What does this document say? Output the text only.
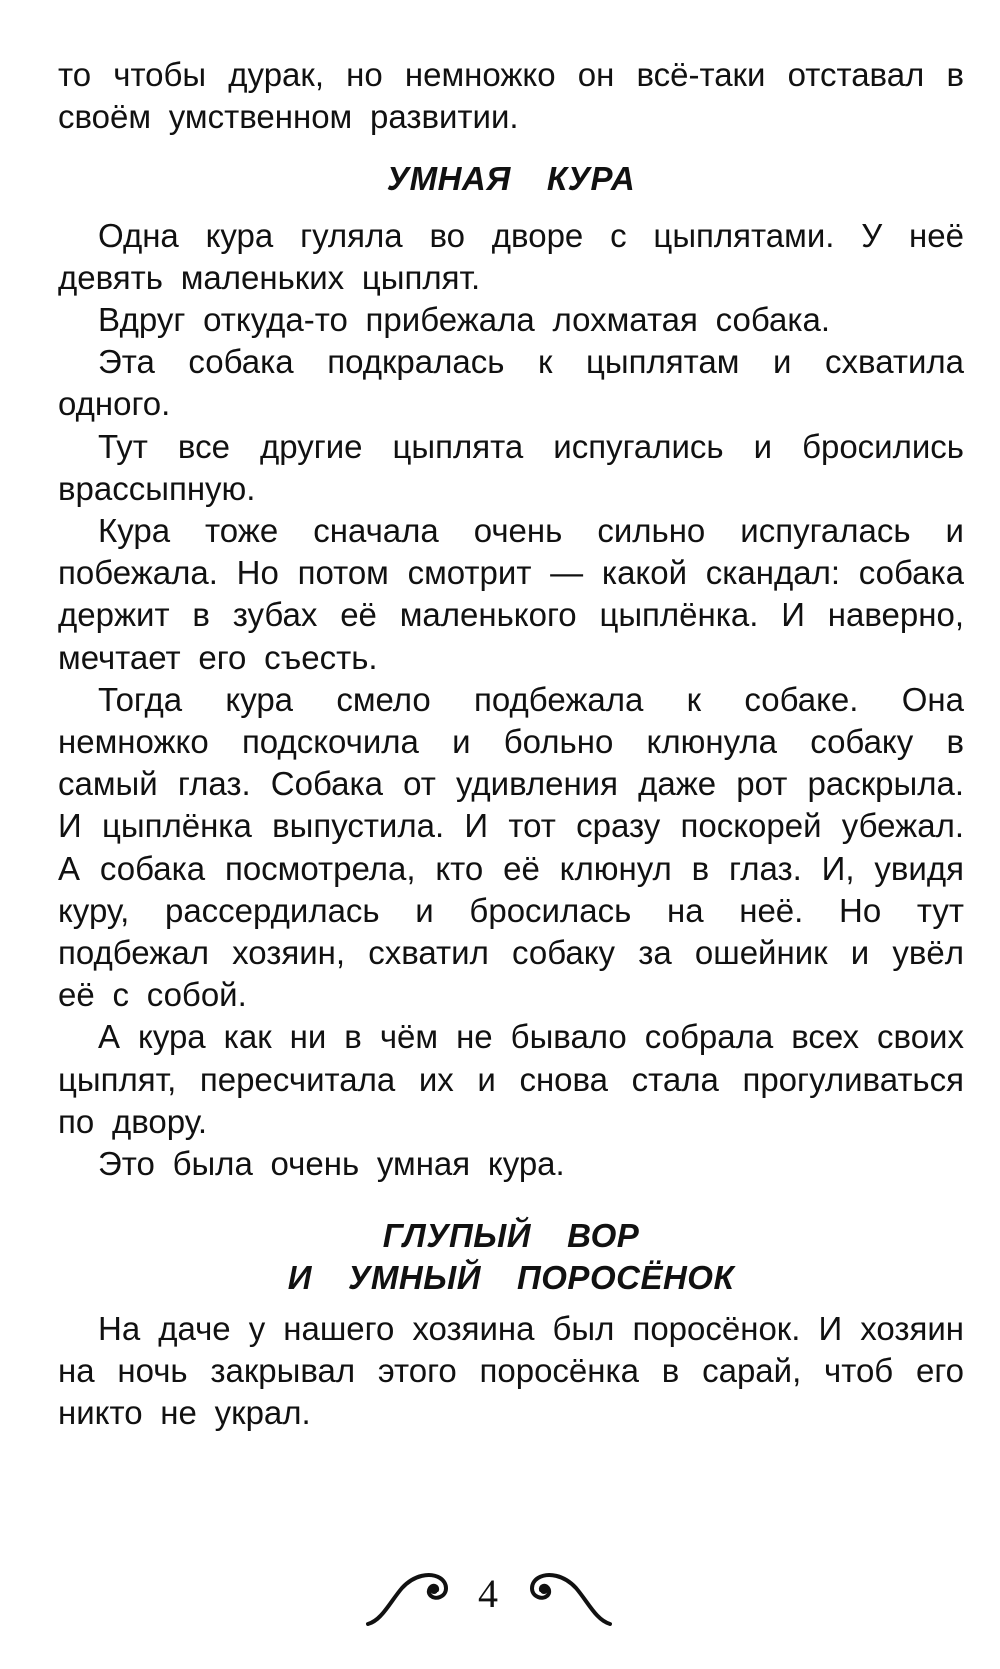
то чтобы дурак, но немножко он всё-таки отставал в своём умственном развитии.

УМНАЯ КУРА

Одна кура гуляла во дворе с цыплятами. У неё девять маленьких цыплят.

Вдруг откуда-то прибежала лохматая собака.

Эта собака подкралась к цыплятам и схватила одного.

Тут все другие цыплята испугались и бросились врассыпную.

Кура тоже сначала очень сильно испугалась и побежала. Но потом смотрит — какой скандал: собака держит в зубах её маленького цыплёнка. И наверно, мечтает его съесть.

Тогда кура смело подбежала к собаке. Она немножко подскочила и больно клюнула собаку в самый глаз. Собака от удивления даже рот раскрыла. И цыплёнка выпустила. И тот сразу поскорей убежал. А собака посмотрела, кто её клюнул в глаз. И, увидя куру, рассердилась и бросилась на неё. Но тут подбежал хозяин, схватил собаку за ошейник и увёл её с собой.

А кура как ни в чём не бывало собрала всех своих цыплят, пересчитала их и снова стала прогуливаться по двору.

Это была очень умная кура.

ГЛУПЫЙ ВОР
И УМНЫЙ ПОРОСЁНОК

На даче у нашего хозяина был поросёнок. И хозяин на ночь закрывал этого поросёнка в сарай, чтоб его никто не украл.

4
